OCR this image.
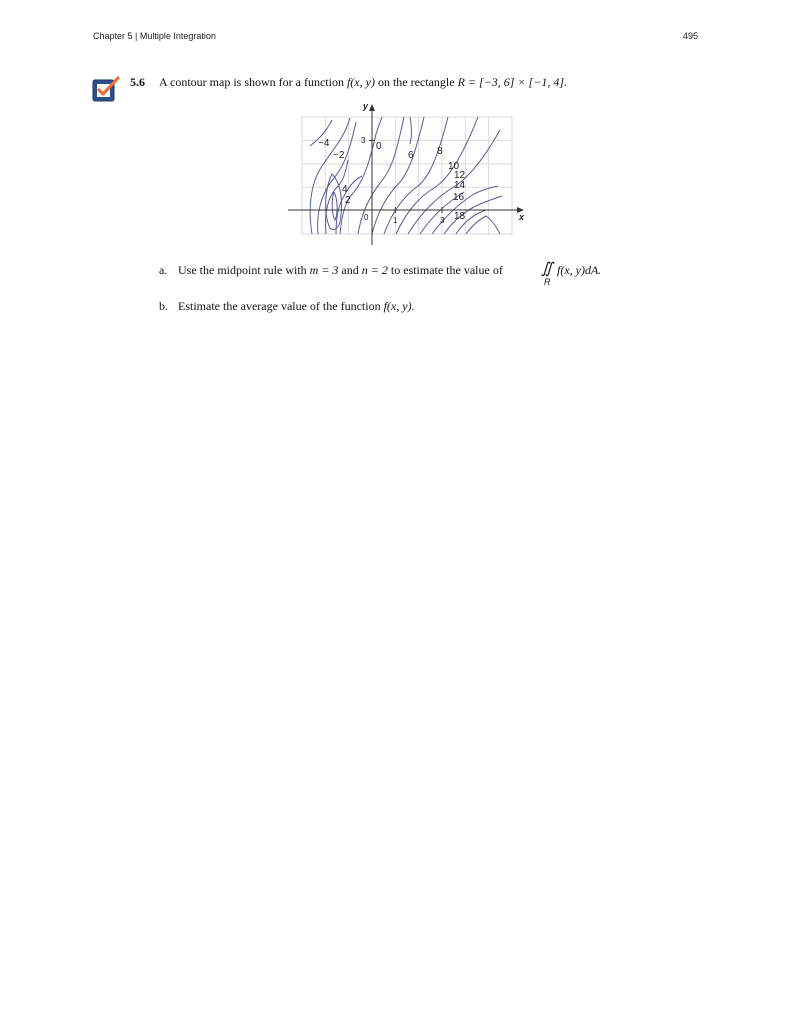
Chapter 5 | Multiple Integration	495
5.6 A contour map is shown for a function f(x, y) on the rectangle R = [−3, 6] × [−1, 4].
x
y
1	3
3
0
−4
−2
0
6 8
10
12
14
16
18
4
2
a. Use the midpoint rule with m = 3 and n = 2 to estimate the value of	∬
R
f(x, y)dA.
b. Estimate the average value of the function f(x, y).
